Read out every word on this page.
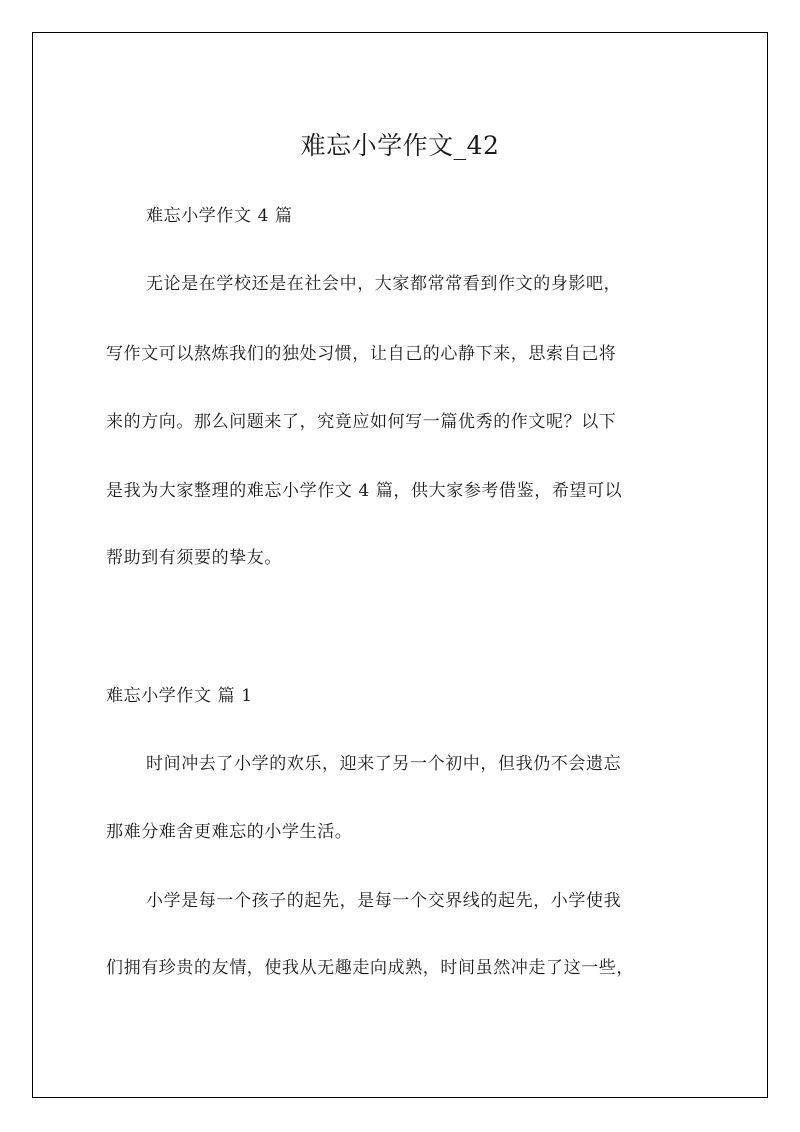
难忘小学作文_42
难忘小学作文 4 篇
无论是在学校还是在社会中，大家都常常看到作文的身影吧，
写作文可以熬炼我们的独处习惯，让自己的心静下来，思索自己将
来的方向。那么问题来了，究竟应如何写一篇优秀的作文呢？以下
是我为大家整理的难忘小学作文 4 篇，供大家参考借鉴，希望可以
帮助到有须要的挚友。
难忘小学作文 篇 1
时间冲去了小学的欢乐，迎来了另一个初中，但我仍不会遗忘
那难分难舍更难忘的小学生活。
小学是每一个孩子的起先，是每一个交界线的起先，小学使我
们拥有珍贵的友情，使我从无趣走向成熟，时间虽然冲走了这一些，
